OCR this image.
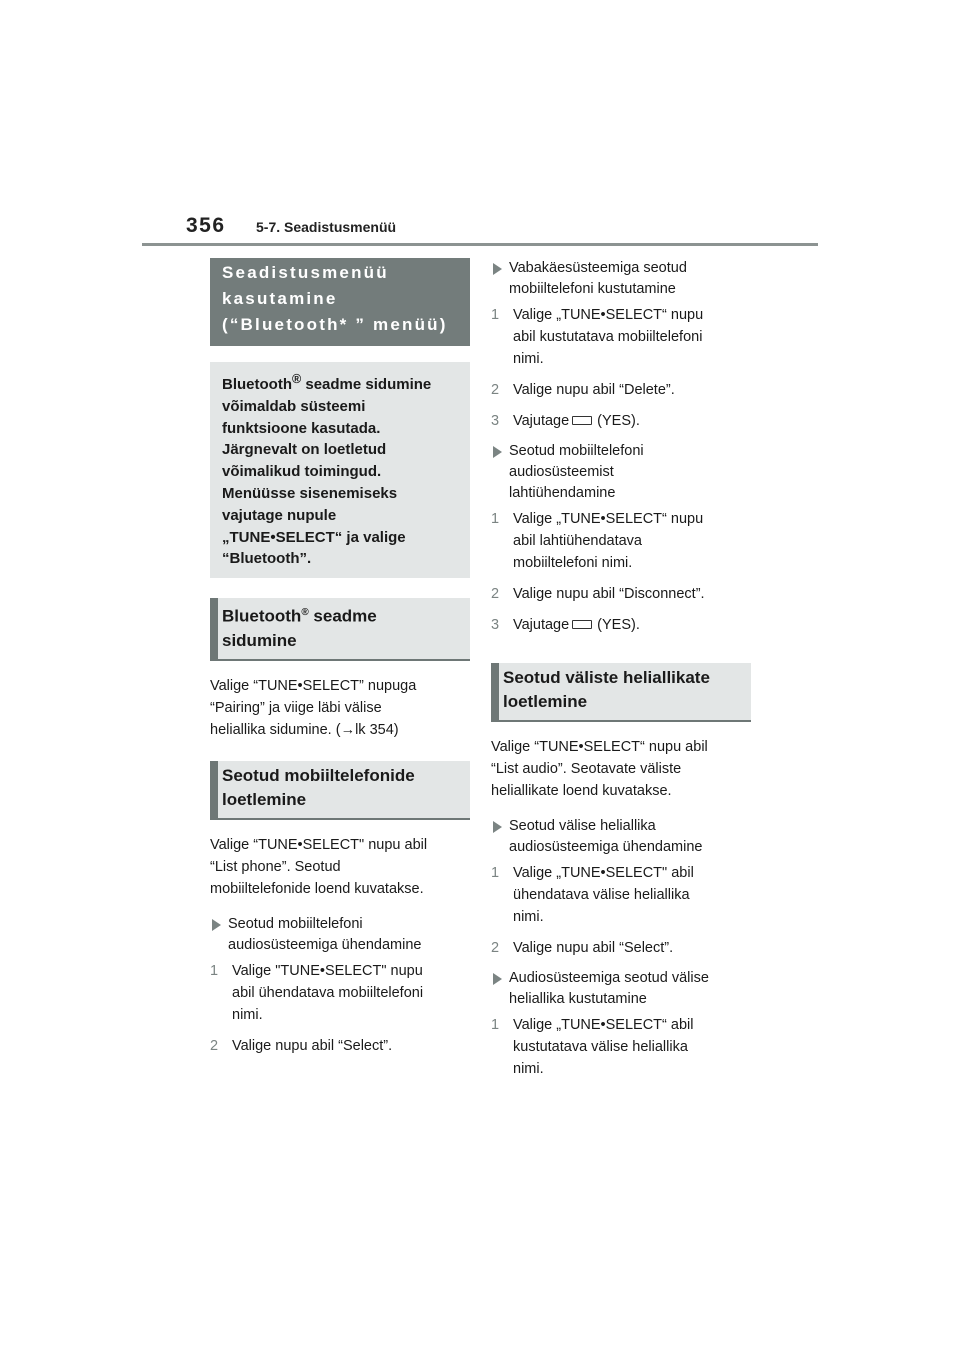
356 5-7. Seadistusmenüü
Seadistusmenüü
kasutamine
(“Bluetooth* ” menüü)

Bluetooth® seadme sidumine

võimaldab süsteemi

funktsioone kasutada.

Järgnevalt on loetletud

võimalikud toimingud.

Menüüsse sisenemiseks

vajutage nupule

„TUNE•SELECT“ ja valige

“Bluetooth”.

Bluetooth® seadme
sidumine

Valige “TUNE•SELECT” nupuga
“Pairing” ja viige läbi välise
heliallika sidumine. (→lk 354)

Seotud mobiiltelefonide
loetlemine

Valige “TUNE•SELECT" nupu abil
“List phone”. Seotud
mobiiltelefonide loend kuvatakse.

Seotud mobiiltelefoni
audiosüsteemiga ühendamine
1 Valige "TUNE•SELECT" nupu
abil ühendatava mobiiltelefoni
nimi.
2 Valige nupu abil “Select”.
Vabakäesüsteemiga seotud
mobiiltelefoni kustutamine
1 Valige „TUNE•SELECT“ nupu
abil kustutatava mobiiltelefoni
nimi.
2 Valige nupu abil “Delete”.
3 Vajutage (YES).
Seotud mobiiltelefoni
audiosüsteemist
lahtiühendamine
1 Valige „TUNE•SELECT“ nupu
abil lahtiühendatava
mobiiltelefoni nimi.
2 Valige nupu abil “Disconnect”.
3 Vajutage (YES).
Seotud väliste heliallikate
loetlemine

Valige “TUNE•SELECT“ nupu abil
“List audio”. Seotavate väliste
heliallikate loend kuvatakse.

Seotud välise heliallika
audiosüsteemiga ühendamine
1 Valige „TUNE•SELECT" abil
ühendatava välise heliallika
nimi.
2 Valige nupu abil “Select”.
Audiosüsteemiga seotud välise
heliallika kustutamine
1 Valige „TUNE•SELECT“ abil
kustutatava välise heliallika
nimi.
